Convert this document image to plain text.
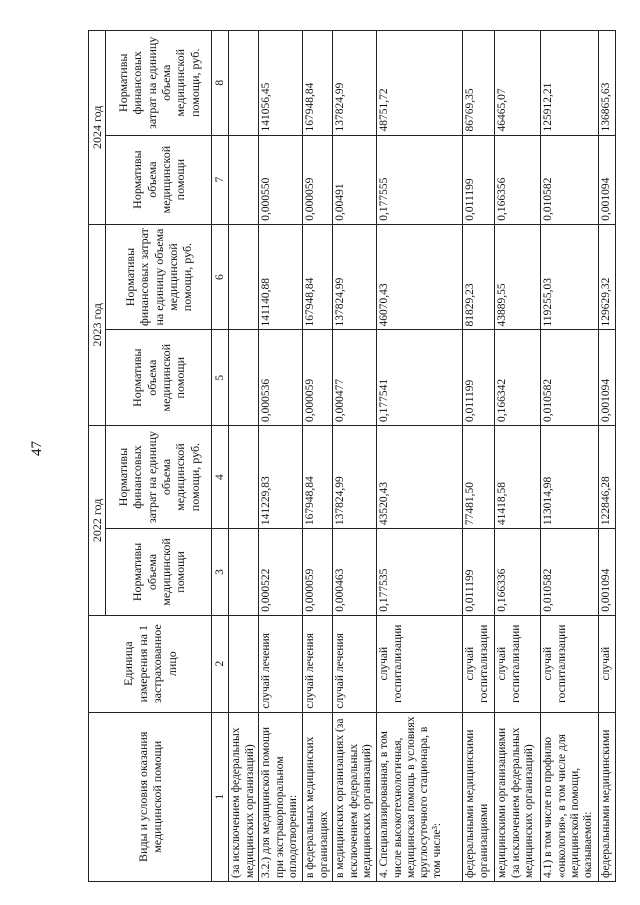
47
Виды и условия оказания медицинской помощи	Единица измерения на 1 застрахованное лицо	2022 год		2023 год		2024 год	
		Нормативы объема медицинской помощи	Нормативы финансовых затрат на единицу объема медицинской помощи, руб.	Нормативы объема медицинской помощи	Нормативы финансовых затрат на единицу объема медицинской помощи, руб.	Нормативы объема медицинской помощи	Нормативы финансовых затрат на единицу объема медицинской помощи, руб.
1	2	3	4	5	6	7	8
(за исключением федеральных медицинских организаций)							
3.2.) для медицинской помощи при экстракорпоральном оплодотворении:	случай лечения	0,000522	141229,83	0,000536	141140,88	0,000550	141056,45
в федеральных медицинских организациях	случай лечения	0,000059	167948,84	0,000059	167948,84	0,000059	167948,84
в медицинских организациях (за исключением федеральных медицинских организаций)	случай лечения	0,000463	137824,99	0,000477	137824,99	0,00491	137824,99
4. Специализированная, в том числе высокотехнологичная, медицинская помощь в условиях круглосуточного стационара, в том числе³:	случай госпитализации	0,177535	43520,43	0,177541	46070,43	0,177555	48751,72
федеральными медицинскими организациями	случай госпитализации	0,011199	77481,50	0,011199	81829,23	0,011199	86769,35
медицинскими организациями (за исключением федеральных медицинских организаций)	случай госпитализации	0,166336	41418,58	0,166342	43889,55	0,166356	46465,07
4.1) в том числе по профилю «онкология», в том числе для медицинской помощи, оказываемой:	случай госпитализации	0,010582	113014,98	0,010582	119255,03	0,010582	125912,21
федеральными медицинскими	случай	0,001094	122846,28	0,001094	129629,32	0,001094	136865,63
